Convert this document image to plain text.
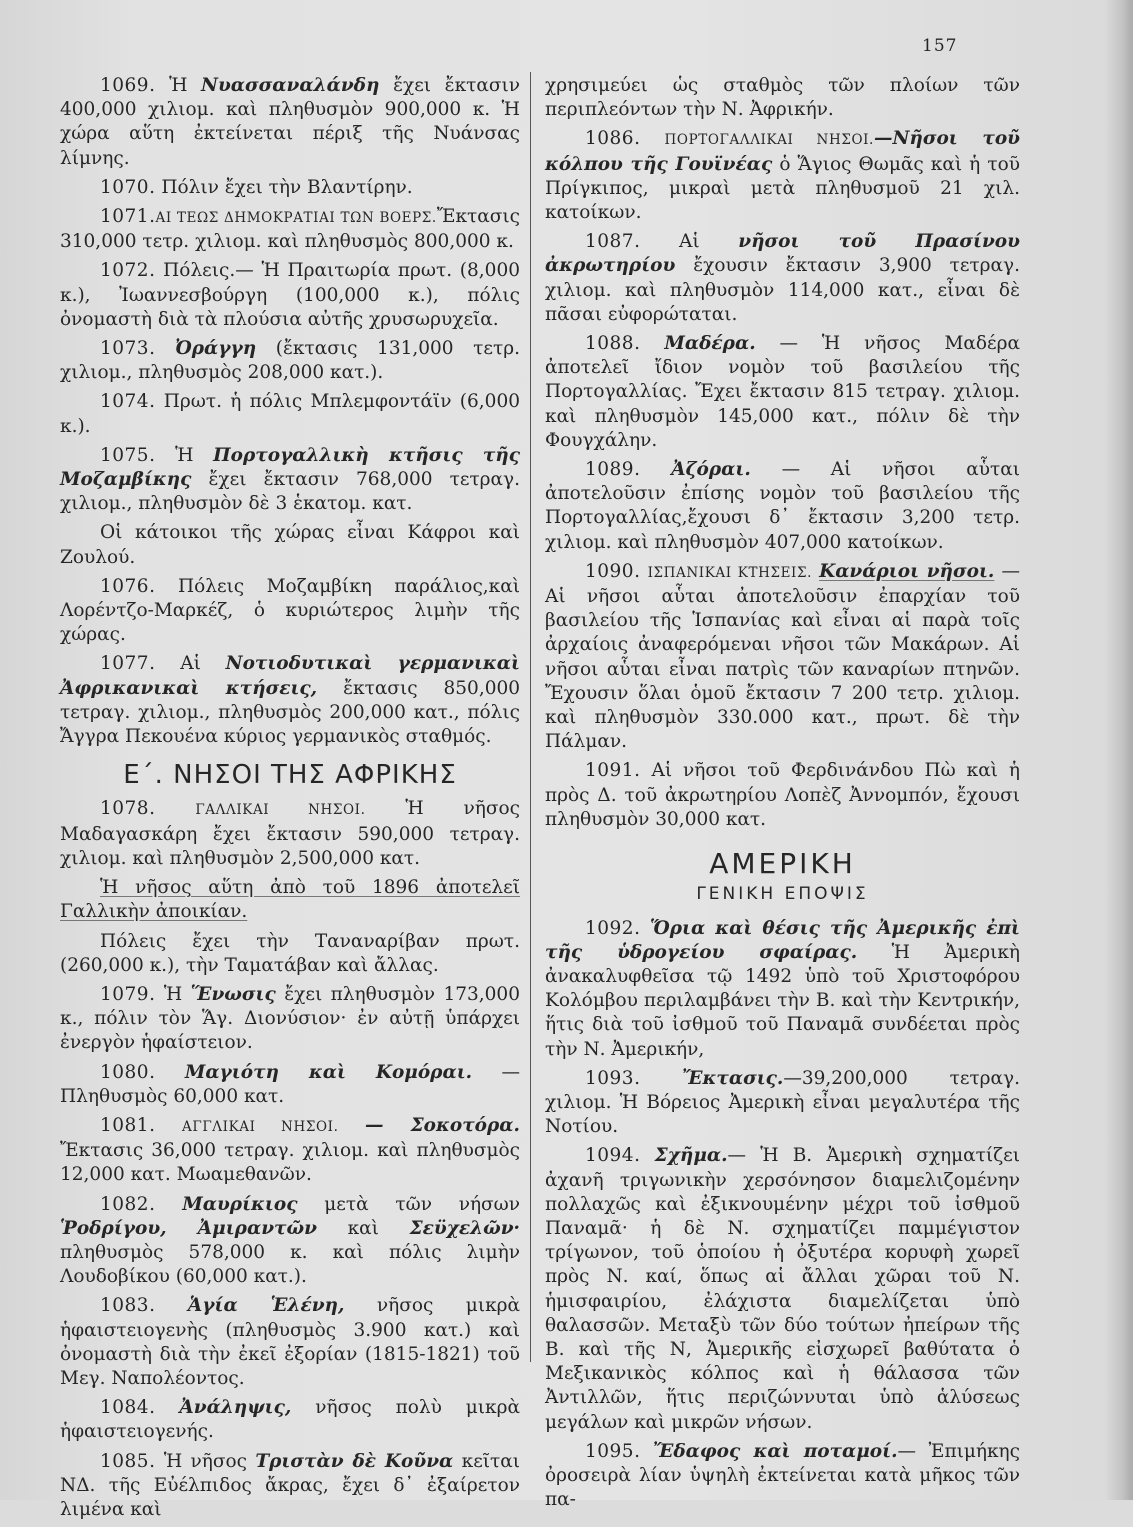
157

1069. Ἡ Νυασσαναλάνδη ἔχει ἔκτασιν 400,000 χιλιομ. καὶ πληθυσμὸν 900,000 κ. Ἡ χώρα αὕτη ἐκτείνεται πέριξ τῆς Νυάνσας λίμνης.

1070. Πόλιν ἔχει τὴν Βλαντίρην.

1071.ΑΙ ΤΕΩΣ ΔΗΜΟΚΡΑΤΙΑΙ ΤΩΝ ΒΟΕΡΣ.Ἔκτασις 310,000 τετρ. χιλιομ. καὶ πληθυσμὸς 800,000 κ.

1072. Πόλεις.— Ἡ Πραιτωρία πρωτ. (8,000 κ.), Ἰωαννεσβούργη (100,000 κ.), πόλις ὀνομαστὴ διὰ τὰ πλούσια αὐτῆς χρυσωρυχεῖα.

1073. Ὀράγγη (ἔκτασις 131,000 τετρ. χιλιομ., πληθυσμὸς 208,000 κατ.).

1074. Πρωτ. ἡ πόλις Μπλεμφοντάϊν (6,000 κ.).

1075. Ἡ Πορτογαλλικὴ κτῆσις τῆς Μοζαμβίκης ἔχει ἔκτασιν 768,000 τετραγ. χιλιομ., πληθυσμὸν δὲ 3 ἑκατομ. κατ.

Οἱ κάτοικοι τῆς χώρας εἶναι Κάφροι καὶ Ζουλού.

1076. Πόλεις Μοζαμβίκη παράλιος,καὶ Λορέντζο-Μαρκέζ, ὁ κυριώτερος λιμὴν τῆς χώρας.

1077. Αἱ Νοτιοδυτικαὶ γερμανικαὶ Ἀφρικανικαὶ κτήσεις, ἔκτασις 850,000 τετραγ. χιλιομ., πληθυσμὸς 200,000 κατ., πόλις Ἄγγρα Πεκουένα κύριος γερμανικὸς σταθμός.

Ε΄. ΝΗΣΟΙ ΤΗΣ ΑΦΡΙΚΗΣ

1078.	ΓΑΛΛΙΚΑΙ ΝΗΣΟΙ. Ἡ νῆσος Μαδαγασκάρη ἔχει ἔκτασιν 590,000 τετραγ. χιλιομ. καὶ πληθυσμὸν 2,500,000 κατ.

Ἡ νῆσος αὕτη ἀπὸ τοῦ 1896 ἀποτελεῖ Γαλλικὴν ἀποικίαν.

Πόλεις ἔχει τὴν Ταναναρίβαν πρωτ. (260,000 κ.), τὴν Ταματάβαν καὶ ἄλλας.

1079. Ἡ Ἕνωσις ἔχει πληθυσμὸν 173,000 κ., πόλιν τὸν Ἅγ. Διονύσιον· ἐν αὐτῇ ὑπάρχει ἐνεργὸν ἡφαίστειον.

1080. Μαγιότη καὶ Κομόραι. — Πληθυσμὸς 60,000 κατ.

1081. ΑΓΓΛΙΚΑΙ ΝΗΣΟΙ. — Σοκοτόρα. Ἔκτασις 36,000 τετραγ. χιλιομ. καὶ πληθυσμὸς 12,000 κατ. Μωαμεθανῶν.

1082. Μαυρίκιος μετὰ τῶν νήσων Ῥοδρίγου, Ἀμιραντῶν καὶ Σεϋχελῶν· πληθυσμὸς 578,000 κ. καὶ πόλις λιμὴν Λουδοβίκου (60,000 κατ.).

1083. Ἁγία Ἑλένη, νῆσος μικρὰ ἡφαιστειογενὴς (πληθυσμὸς 3.900 κατ.) καὶ ὀνομαστὴ διὰ τὴν ἐκεῖ ἐξορίαν (1815-1821) τοῦ Μεγ. Ναπολέοντος.

1084. Ἀνάληψις, νῆσος πολὺ μικρὰ ἡφαιστειογενής.

1085. Ἡ νῆσος Τριστὰν δὲ Κοῦνα κεῖται ΝΔ. τῆς Εὐέλπιδος ἄκρας, ἔχει δ᾽ ἐξαίρετον λιμένα καὶ

χρησιμεύει ὡς σταθμὸς τῶν πλοίων τῶν περιπλεόντων τὴν Ν. Ἀφρικήν.

1086. ΠΟΡΤΟΓΑΛΛΙΚΑΙ ΝΗΣΟΙ.—Νῆσοι τοῦ κόλπου τῆς Γουϊνέας ὁ Ἅγιος Θωμᾶς καὶ ἡ τοῦ Πρίγκιπος, μικραὶ μετὰ πληθυσμοῦ 21 χιλ. κατοίκων.

1087. Αἱ νῆσοι τοῦ Πρασίνου ἀκρωτηρίου ἔχουσιν ἔκτασιν 3,900 τετραγ. χιλιομ. καὶ πληθυσμὸν 114,000 κατ., εἶναι δὲ πᾶσαι εὐφορώταται.

1088. Μαδέρα. — Ἡ νῆσος Μαδέρα ἀποτελεῖ ἴδιον νομὸν τοῦ βασιλείου τῆς Πορτογαλλίας. Ἔχει ἔκτασιν 815 τετραγ. χιλιομ. καὶ πληθυσμὸν 145,000 κατ., πόλιν δὲ τὴν Φουγχάλην.

1089. Ἀζόραι. — Αἱ νῆσοι αὗται ἀποτελοῦσιν ἐπίσης νομὸν τοῦ βασιλείου τῆς Πορτογαλλίας,ἔχουσι δ᾽ ἔκτασιν 3,200 τετρ. χιλιομ. καὶ πληθυσμὸν 407,000 κατοίκων.

1090. ΙΣΠΑΝΙΚΑΙ ΚΤΗΣΕΙΣ. Κανάριοι νῆσοι. — Αἱ νῆσοι αὗται ἀποτελοῦσιν ἐπαρχίαν τοῦ βασιλείου τῆς Ἱσπανίας καὶ εἶναι αἱ παρὰ τοῖς ἀρχαίοις ἀναφερόμεναι νῆσοι τῶν Μακάρων. Αἱ νῆσοι αὗται εἶναι πατρὶς τῶν καναρίων πτηνῶν. Ἔχουσιν ὅλαι ὁμοῦ ἔκτασιν 7 200 τετρ. χιλιομ. καὶ πληθυσμὸν 330.000 κατ., πρωτ. δὲ τὴν Πάλμαν.

1091. Αἱ νῆσοι τοῦ Φερδινάνδου Πὼ καὶ ἡ πρὸς Δ. τοῦ ἀκρωτηρίου Λοπὲζ Ἀννομπόν, ἔχουσι πληθυσμὸν 30,000 κατ.

ΑΜΕΡΙΚΗ
ΓΕΝΙΚΗ ΕΠΟΨΙΣ

1092. Ὅρια καὶ θέσις τῆς Ἀμερικῆς ἐπὶ τῆς ὑδρογείου σφαίρας. Ἡ Ἀμερικὴ ἀνακαλυφθεῖσα τῷ 1492 ὑπὸ τοῦ Χριστοφόρου Κολόμβου περιλαμβάνει τὴν Β. καὶ τὴν Κεντρικήν, ἥτις διὰ τοῦ ἰσθμοῦ τοῦ Παναμᾶ συνδέεται πρὸς τὴν Ν. Ἀμερικήν,

1093. Ἔκτασις.—39,200,000 τετραγ. χιλιομ. Ἡ Βόρειος Ἀμερικὴ εἶναι μεγαλυτέρα τῆς Νοτίου.

1094. Σχῆμα.— Ἡ Β. Ἀμερικὴ σχηματίζει ἀχανῆ τριγωνικὴν χερσόνησον διαμελιζομένην πολλαχῶς καὶ ἐξικνουμένην μέχρι τοῦ ἰσθμοῦ Παναμᾶ· ἡ δὲ Ν. σχηματίζει παμμέγιστον τρίγωνον, τοῦ ὁποίου ἡ ὀξυτέρα κορυφὴ χωρεῖ πρὸς Ν. καί, ὅπως αἱ ἄλλαι χῶραι τοῦ Ν. ἡμισφαιρίου, ἐλάχιστα διαμελίζεται ὑπὸ θαλασσῶν. Μεταξὺ τῶν δύο τούτων ἠπείρων τῆς Β. καὶ τῆς Ν, Ἀμερικῆς εἰσχωρεῖ βαθύτατα ὁ Μεξικανικὸς κόλπος καὶ ἡ θάλασσα τῶν Ἀντιλλῶν, ἥτις περιζώννυται ὑπὸ ἁλύσεως μεγάλων καὶ μικρῶν νήσων.

1095. Ἔδαφος καὶ ποταμοί.— Ἐπιμήκης ὀροσειρὰ λίαν ὑψηλὴ ἐκτείνεται κατὰ μῆκος τῶν πα-
